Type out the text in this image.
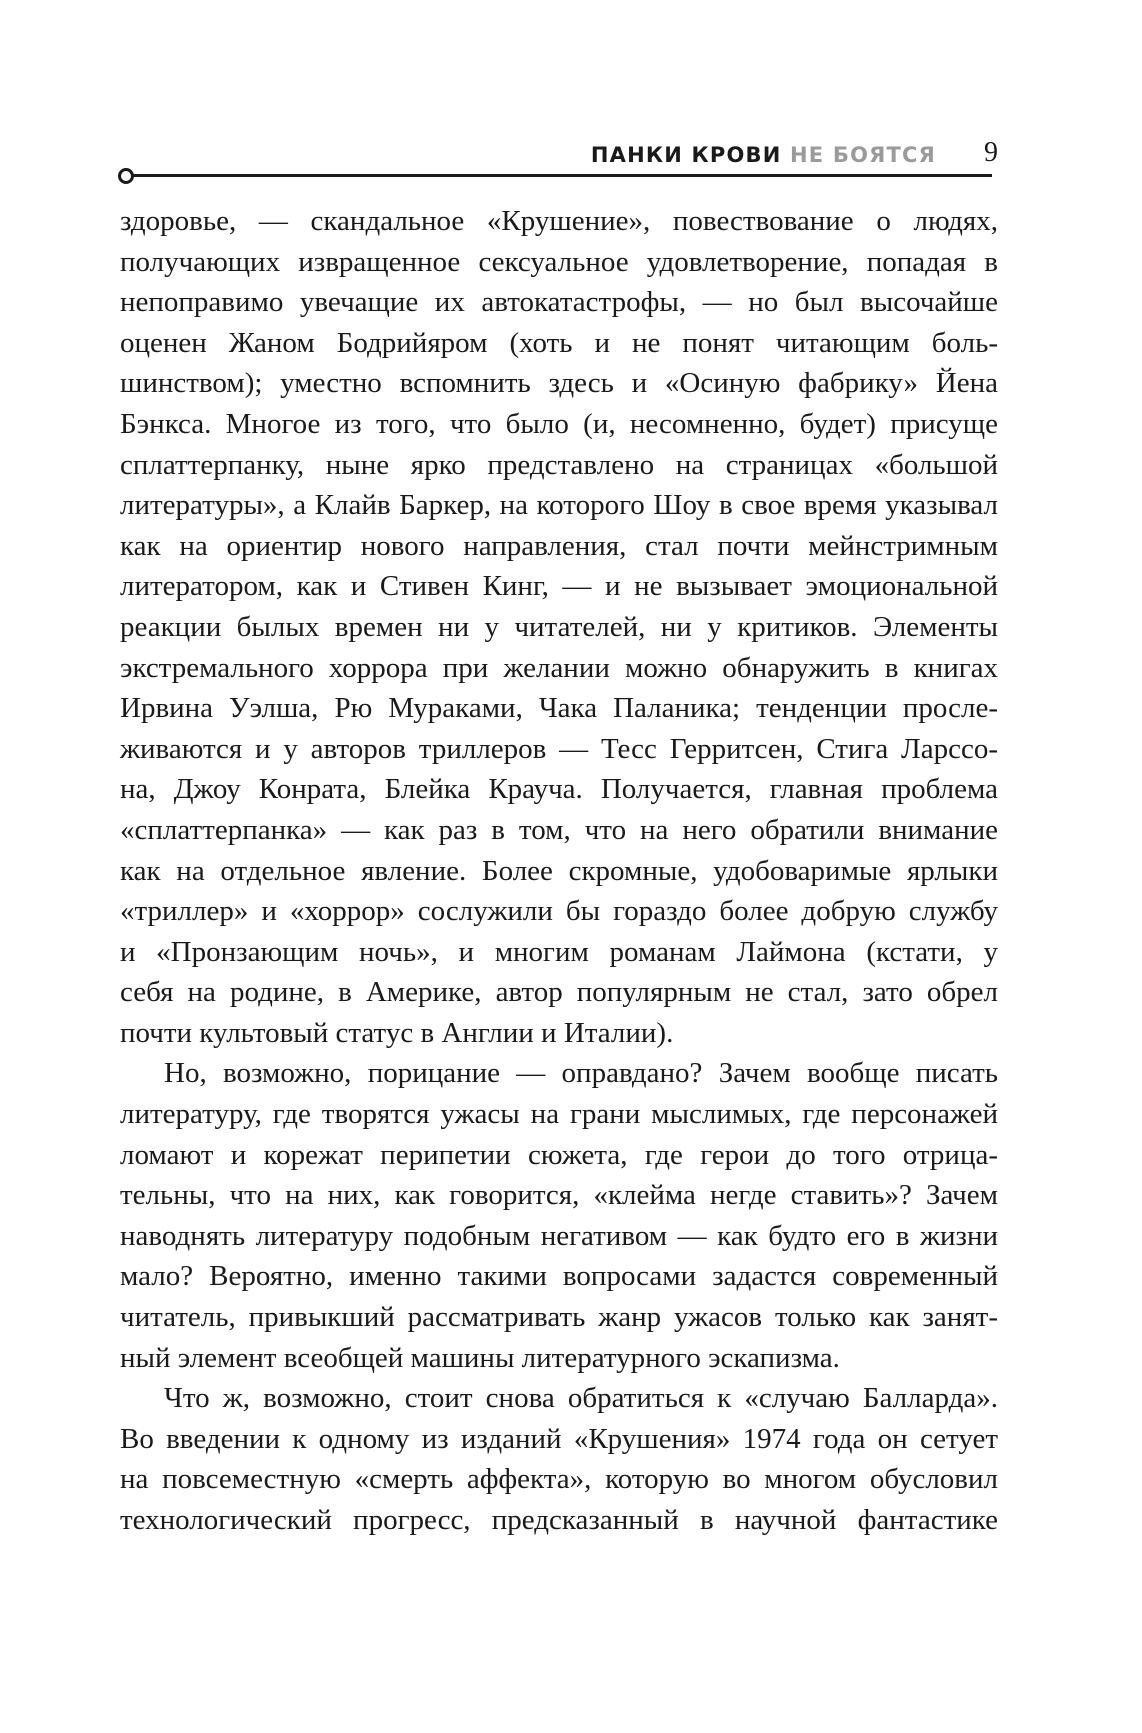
ПАНКИ КРОВИ НЕ БОЯТСЯ 9
здоровье, — скандальное «Крушение», повествование о людях,
получающих извращенное сексуальное удовлетворение, попадая в
непоправимо увечащие их автокатастрофы, — но был высочайше
оценен Жаном Бодрийяром (хоть и не понят читающим боль-
шинством); уместно вспомнить здесь и «Осиную фабрику» Йена
Бэнкса. Многое из того, что было (и, несомненно, будет) присуще
сплаттерпанку, ныне ярко представлено на страницах «большой
литературы», а Клайв Баркер, на которого Шоу в свое время указывал
как на ориентир нового направления, стал почти мейнстримным
литератором, как и Стивен Кинг, — и не вызывает эмоциональной
реакции былых времен ни у читателей, ни у критиков. Элементы
экстремального хоррора при желании можно обнаружить в книгах
Ирвина Уэлша, Рю Мураками, Чака Паланика; тенденции просле-
живаются и у авторов триллеров — Тесс Герритсен, Стига Ларссо-
на, Джоу Конрата, Блейка Крауча. Получается, главная проблема
«сплаттерпанка» — как раз в том, что на него обратили внимание
как на отдельное явление. Более скромные, удобоваримые ярлыки
«триллер» и «хоррор» сослужили бы гораздо более добрую службу
и «Пронзающим ночь», и многим романам Лаймона (кстати, у
себя на родине, в Америке, автор популярным не стал, зато обрел
почти культовый статус в Англии и Италии).
Но, возможно, порицание — оправдано? Зачем вообще писать
литературу, где творятся ужасы на грани мыслимых, где персонажей
ломают и корежат перипетии сюжета, где герои до того отрица-
тельны, что на них, как говорится, «клейма негде ставить»? Зачем
наводнять литературу подобным негативом — как будто его в жизни
мало? Вероятно, именно такими вопросами задастся современный
читатель, привыкший рассматривать жанр ужасов только как занят-
ный элемент всеобщей машины литературного эскапизма.
Что ж, возможно, стоит снова обратиться к «случаю Балларда».
Во введении к одному из изданий «Крушения» 1974 года он сетует
на повсеместную «смерть аффекта», которую во многом обусловил
технологический прогресс, предсказанный в научной фантастике
